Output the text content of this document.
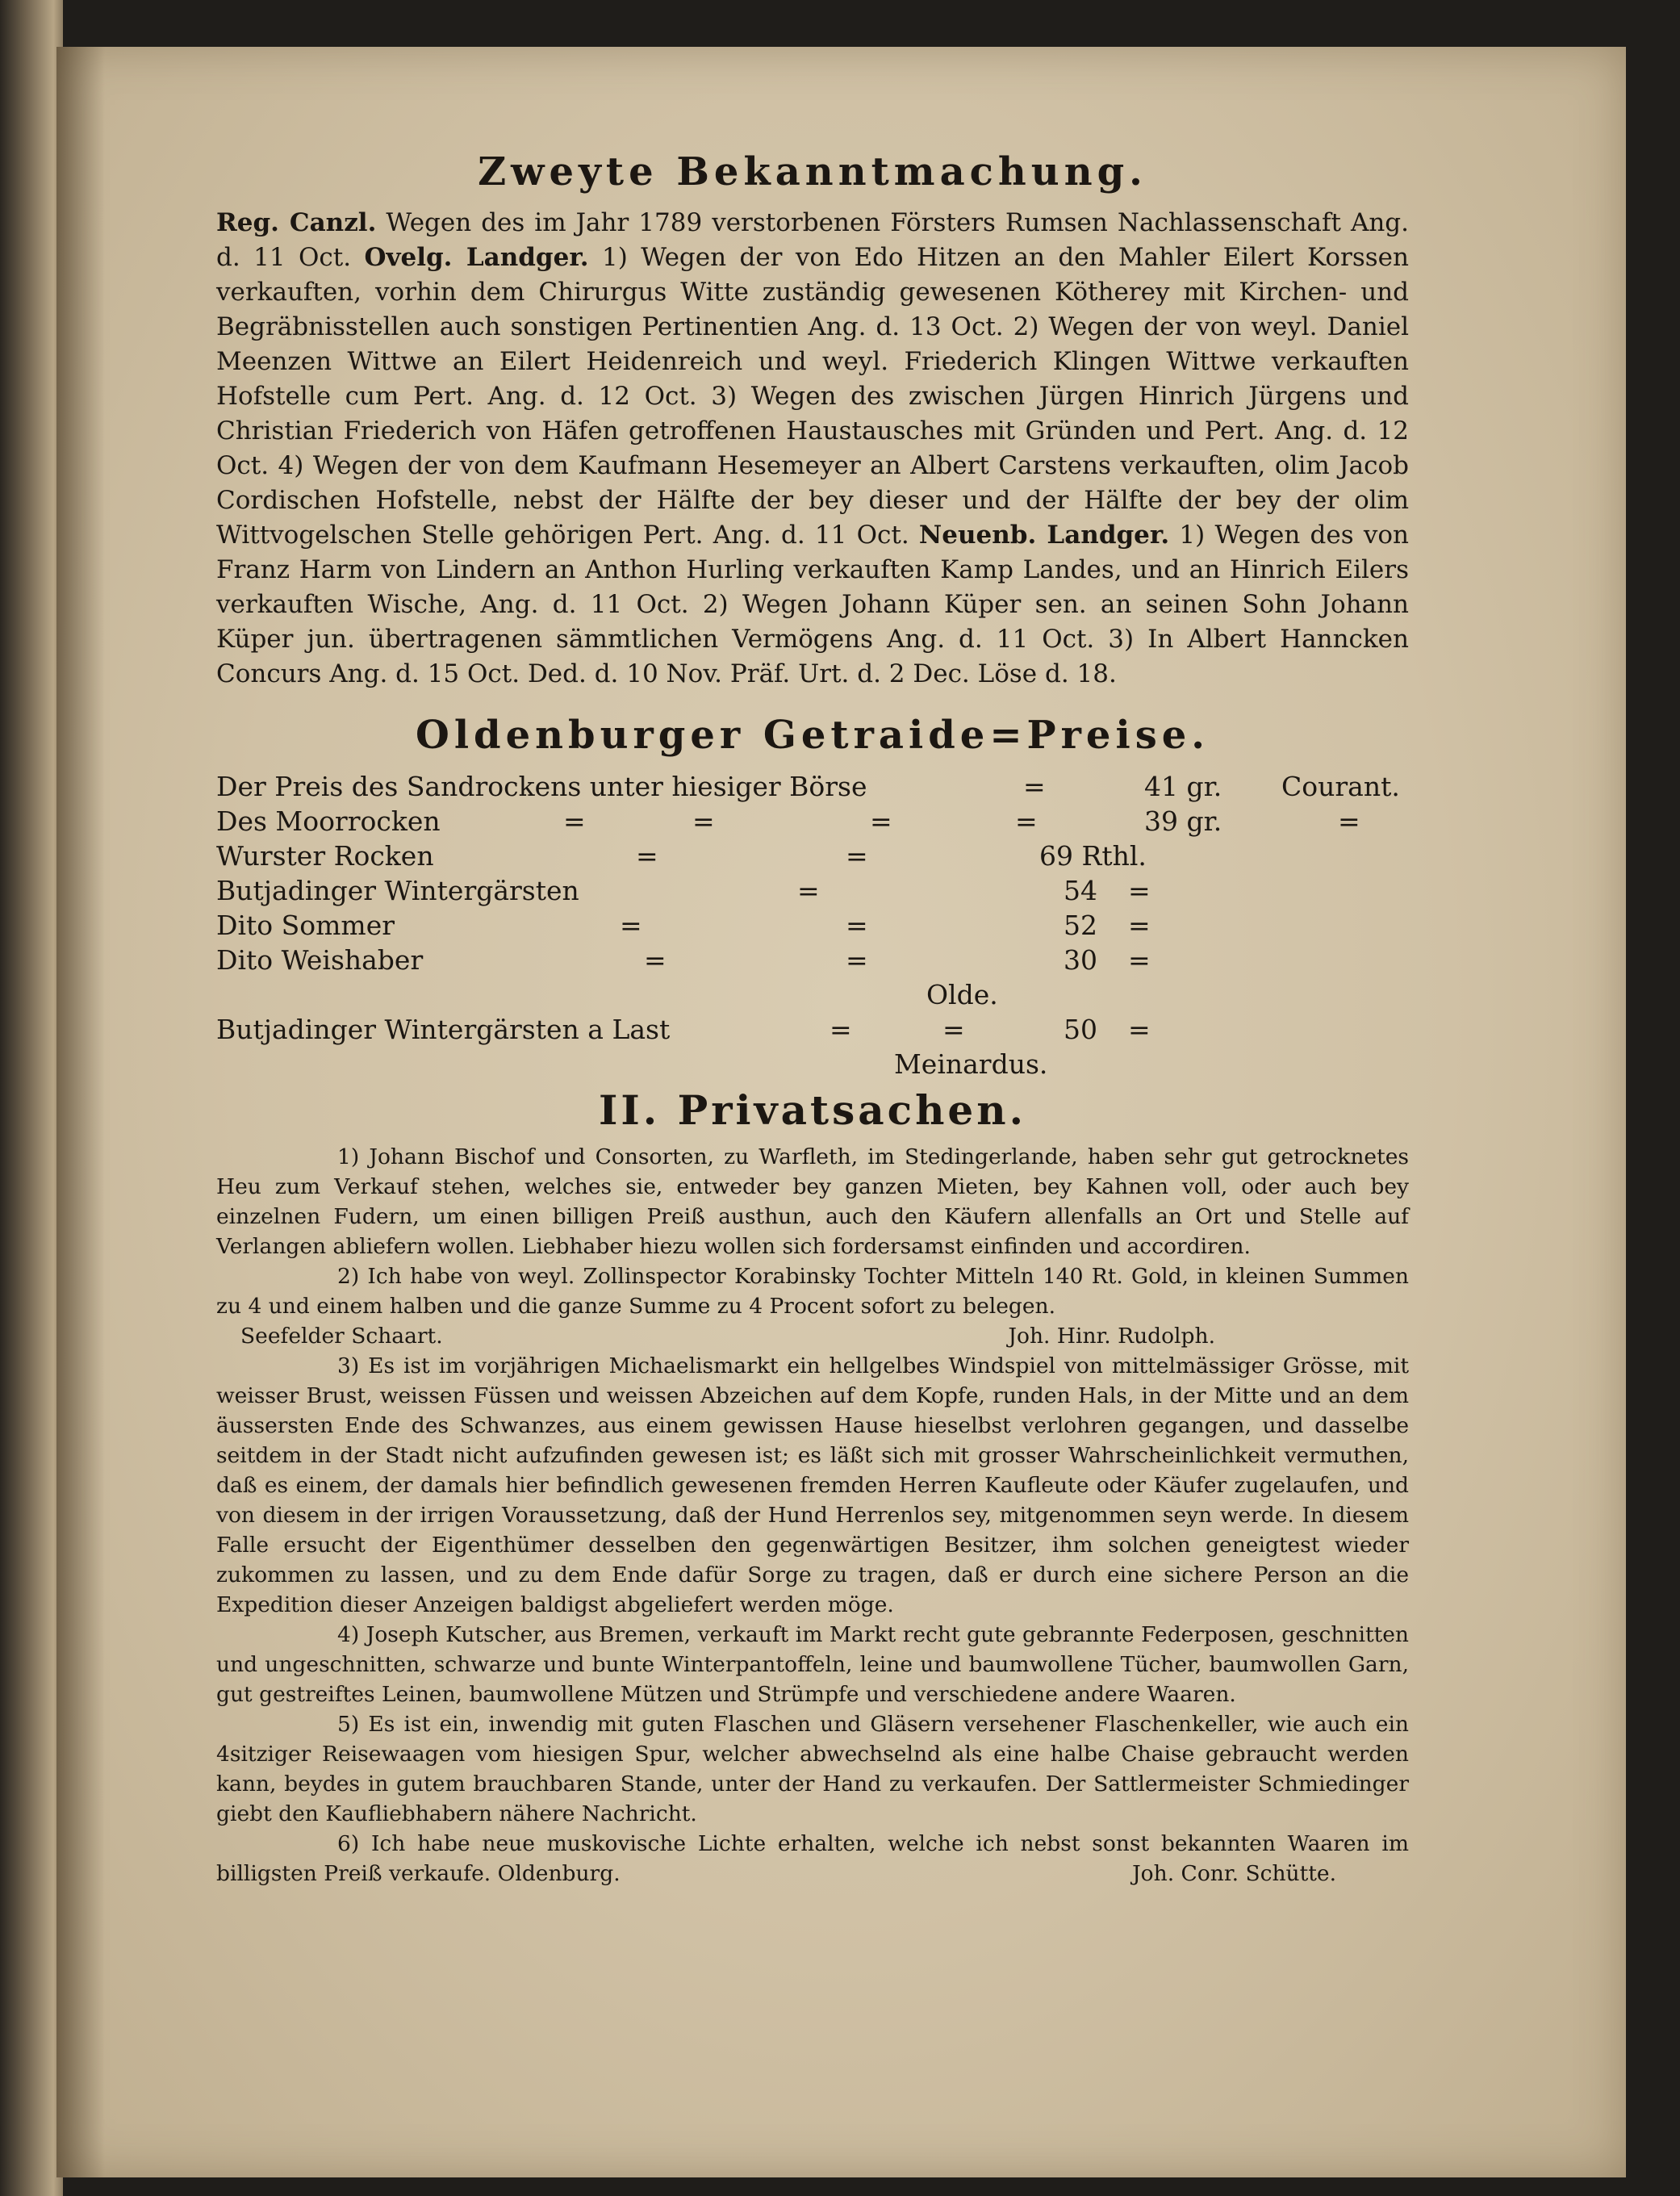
Zweyte Bekanntmachung.

Reg. Canzl. Wegen des im Jahr 1789 verstorbenen Försters Rumsen Nachlassenschaft Ang. d. 11 Oct. Ovelg. Landger. 1) Wegen der von Edo Hitzen an den Mahler Eilert Korssen verkauften, vorhin dem Chirurgus Witte zuständig gewesenen Kötherey mit Kirchen- und Begräbnisstellen auch sonstigen Pertinentien Ang. d. 13 Oct. 2) Wegen der von weyl. Daniel Meenzen Wittwe an Eilert Heidenreich und weyl. Friederich Klingen Wittwe verkauften Hofstelle cum Pert. Ang. d. 12 Oct. 3) Wegen des zwischen Jürgen Hinrich Jürgens und Christian Friederich von Häfen getroffenen Haustausches mit Gründen und Pert. Ang. d. 12 Oct. 4) Wegen der von dem Kaufmann Hesemeyer an Albert Carstens verkauften, olim Jacob Cordischen Hofstelle, nebst der Hälfte der bey dieser und der Hälfte der bey der olim Wittvogelschen Stelle gehörigen Pert. Ang. d. 11 Oct. Neuenb. Landger. 1) Wegen des von Franz Harm von Lindern an Anthon Hurling verkauften Kamp Landes, und an Hinrich Eilers verkauften Wische, Ang. d. 11 Oct. 2) Wegen Johann Küper sen. an seinen Sohn Johann Küper jun. übertragenen sämmtlichen Vermögens Ang. d. 11 Oct. 3) In Albert Hanncken Concurs Ang. d. 15 Oct. Ded. d. 10 Nov. Präf. Urt. d. 2 Dec. Löse d. 18.

Oldenburger Getraide=Preise.
Der Preis des Sandrockens unter hiesiger Börse	=	41 gr. Courant.
Des Moorrocken	=	=	=	=	39 gr.	=
Wurster Rocken	=	=	69 Rthl.
Butjadinger Wintergärsten	=	54 =
Dito Sommer	=	=	52 =
Dito Weishaber	=	=	30 =
Olde.
Butjadinger Wintergärsten a Last	=	=	50 =
Meinardus.
II. Privatsachen.

1) Johann Bischof und Consorten, zu Warfleth, im Stedingerlande, haben sehr gut getrocknetes Heu zum Verkauf stehen, welches sie, entweder bey ganzen Mieten, bey Kahnen voll, oder auch bey einzelnen Fudern, um einen billigen Preiß austhun, auch den Käufern allenfalls an Ort und Stelle auf Verlangen abliefern wollen. Liebhaber hiezu wollen sich fordersamst einfinden und accordiren.

2) Ich habe von weyl. Zollinspector Korabinsky Tochter Mitteln 140 Rt. Gold, in kleinen Summen zu 4 und einem halben und die ganze Summe zu 4 Procent sofort zu belegen.

Seefelder Schaart.	Joh. Hinr. Rudolph.

3) Es ist im vorjährigen Michaelismarkt ein hellgelbes Windspiel von mittelmässiger Grösse, mit weisser Brust, weissen Füssen und weissen Abzeichen auf dem Kopfe, runden Hals, in der Mitte und an dem äussersten Ende des Schwanzes, aus einem gewissen Hause hieselbst verlohren gegangen, und dasselbe seitdem in der Stadt nicht aufzufinden gewesen ist; es läßt sich mit grosser Wahrscheinlichkeit vermuthen, daß es einem, der damals hier befindlich gewesenen fremden Herren Kaufleute oder Käufer zugelaufen, und von diesem in der irrigen Voraussetzung, daß der Hund Herrenlos sey, mitgenommen seyn werde. In diesem Falle ersucht der Eigenthümer desselben den gegenwärtigen Besitzer, ihm solchen geneigtest wieder zukommen zu lassen, und zu dem Ende dafür Sorge zu tragen, daß er durch eine sichere Person an die Expedition dieser Anzeigen baldigst abgeliefert werden möge.

4) Joseph Kutscher, aus Bremen, verkauft im Markt recht gute gebrannte Federposen, geschnitten und ungeschnitten, schwarze und bunte Winterpantoffeln, leine und baumwollene Tücher, baumwollen Garn, gut gestreiftes Leinen, baumwollene Mützen und Strümpfe und verschiedene andere Waaren.

5) Es ist ein, inwendig mit guten Flaschen und Gläsern versehener Flaschenkeller, wie auch ein 4sitziger Reisewaagen vom hiesigen Spur, welcher abwechselnd als eine halbe Chaise gebraucht werden kann, beydes in gutem brauchbaren Stande, unter der Hand zu verkaufen. Der Sattlermeister Schmiedinger giebt den Kaufliebhabern nähere Nachricht.

6) Ich habe neue muskovische Lichte erhalten, welche ich nebst sonst bekannten Waaren im billigsten Preiß verkaufe. Oldenburg.	Joh. Conr. Schütte.
